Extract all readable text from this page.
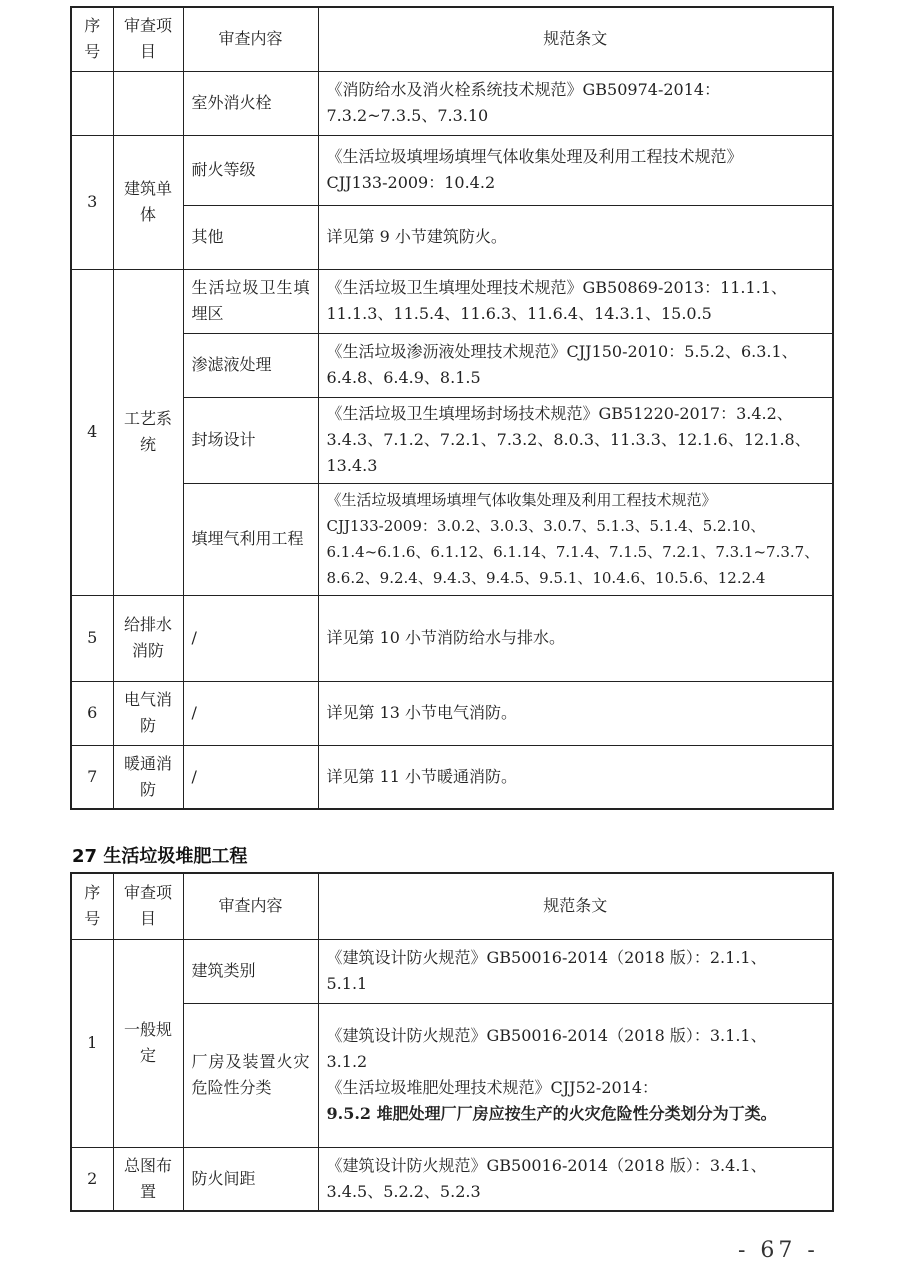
序号	审查项目	审查内容	规范条文
		室外消火栓	《消防给水及消火栓系统技术规范》GB50974-2014：
7.3.2~7.3.5、7.3.10

3	建筑单体	耐火等级	《生活垃圾填埋场填埋气体收集处理及利用工程技术规范》
CJJ133-2009：10.4.2

		其他	详见第 9 小节建筑防火。
4	工艺系统	生活垃圾卫生填埋区	《生活垃圾卫生填埋处理技术规范》GB50869-2013：11.1.1、
11.1.3、11.5.4、11.6.3、11.6.4、14.3.1、15.0.5

		渗滤液处理	《生活垃圾渗沥液处理技术规范》CJJ150-2010：5.5.2、6.3.1、
6.4.8、6.4.9、8.1.5

		封场设计	《生活垃圾卫生填埋场封场技术规范》GB51220-2017：3.4.2、
3.4.3、7.1.2、7.2.1、7.3.2、8.0.3、11.3.3、12.1.6、12.1.8、
13.4.3

		填埋气利用工程	《生活垃圾填埋场填埋气体收集处理及利用工程技术规范》
CJJ133-2009：3.0.2、3.0.3、3.0.7、5.1.3、5.1.4、5.2.10、
6.1.4~6.1.6、6.1.12、6.1.14、7.1.4、7.1.5、7.2.1、7.3.1~7.3.7、
8.6.2、9.2.4、9.4.3、9.4.5、9.5.1、10.4.6、10.5.6、12.2.4

5	给排水消防	/	详见第 10 小节消防给水与排水。
6	电气消防	/	详见第 13 小节电气消防。
7	暖通消防	/	详见第 11 小节暖通消防。
27 生活垃圾堆肥工程
序号	审查项目	审查内容	规范条文
1	一般规定	建筑类别	《建筑设计防火规范》GB50016-2014（2018 版）：2.1.1、
5.1.1

		厂房及装置火灾危险性分类	《建筑设计防火规范》GB50016-2014（2018 版）：3.1.1、
3.1.2
《生活垃圾堆肥处理技术规范》CJJ52-2014：
9.5.2 堆肥处理厂厂房应按生产的火灾危险性分类划分为丁类。

2	总图布置	防火间距	《建筑设计防火规范》GB50016-2014（2018 版）：3.4.1、
3.4.5、5.2.2、5.2.3
- 67 -
